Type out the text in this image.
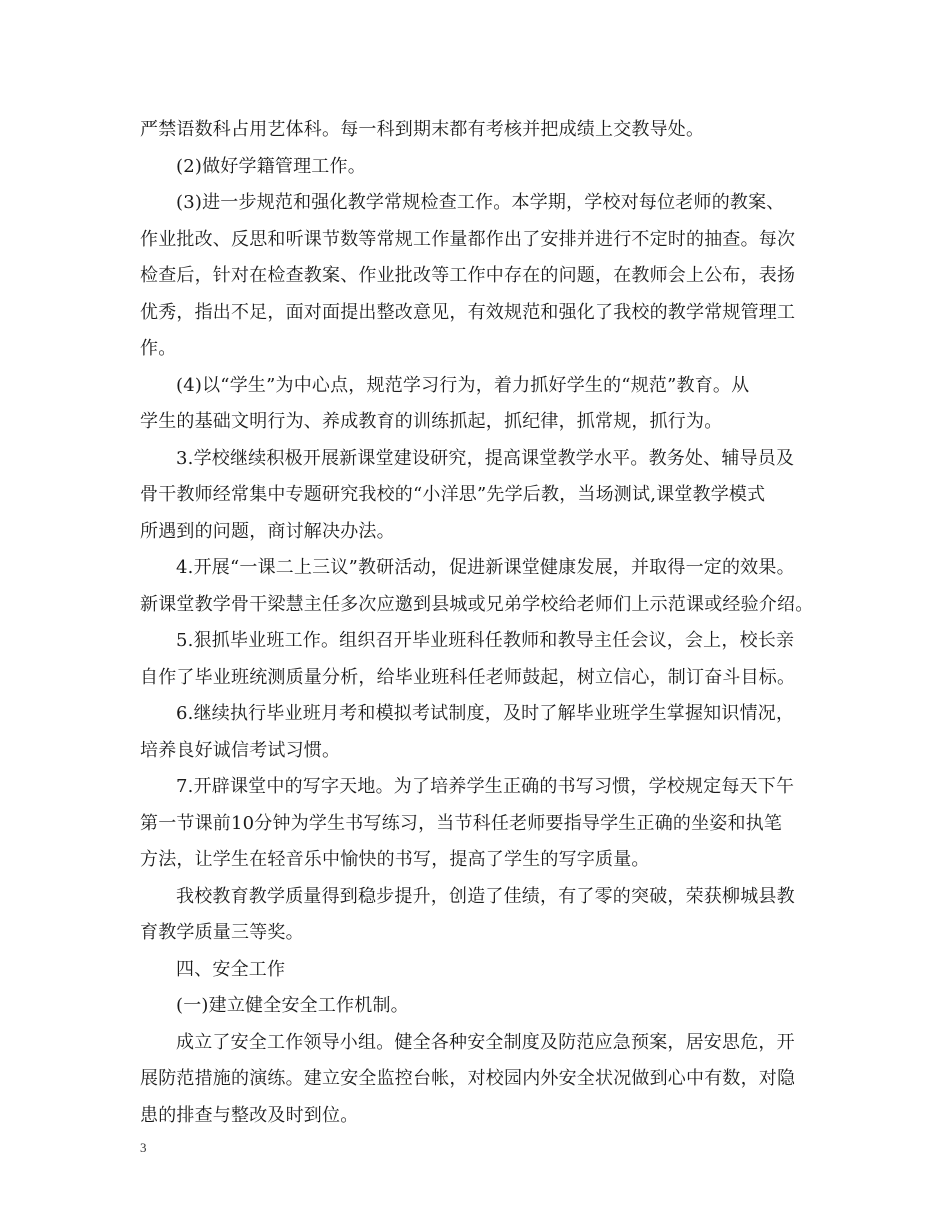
严禁语数科占用艺体科。每一科到期末都有考核并把成绩上交教导处。
(2)做好学籍管理工作。
(3)进一步规范和强化教学常规检查工作。本学期，学校对每位老师的教案、
作业批改、反思和听课节数等常规工作量都作出了安排并进行不定时的抽查。每次
检查后，针对在检查教案、作业批改等工作中存在的问题，在教师会上公布，表扬
优秀，指出不足，面对面提出整改意见，有效规范和强化了我校的教学常规管理工
作。
(4)以“学生”为中心点，规范学习行为，着力抓好学生的“规范”教育。从
学生的基础文明行为、养成教育的训练抓起，抓纪律，抓常规，抓行为。
3.学校继续积极开展新课堂建设研究，提高课堂教学水平。教务处、辅导员及
骨干教师经常集中专题研究我校的“小洋思”先学后教，当场测试,课堂教学模式
所遇到的问题，商讨解决办法。
4.开展“一课二上三议”教研活动，促进新课堂健康发展，并取得一定的效果。
新课堂教学骨干梁慧主任多次应邀到县城或兄弟学校给老师们上示范课或经验介绍。
5.狠抓毕业班工作。组织召开毕业班科任教师和教导主任会议，会上，校长亲
自作了毕业班统测质量分析，给毕业班科任老师鼓起，树立信心，制订奋斗目标。
6.继续执行毕业班月考和模拟考试制度，及时了解毕业班学生掌握知识情况，
培养良好诚信考试习惯。
7.开辟课堂中的写字天地。为了培养学生正确的书写习惯，学校规定每天下午
第一节课前10分钟为学生书写练习，当节科任老师要指导学生正确的坐姿和执笔
方法，让学生在轻音乐中愉快的书写，提高了学生的写字质量。
我校教育教学质量得到稳步提升，创造了佳绩，有了零的突破，荣获柳城县教
育教学质量三等奖。
四、安全工作
(一)建立健全安全工作机制。
成立了安全工作领导小组。健全各种安全制度及防范应急预案，居安思危，开
展防范措施的演练。建立安全监控台帐，对校园内外安全状况做到心中有数，对隐
患的排查与整改及时到位。
3
